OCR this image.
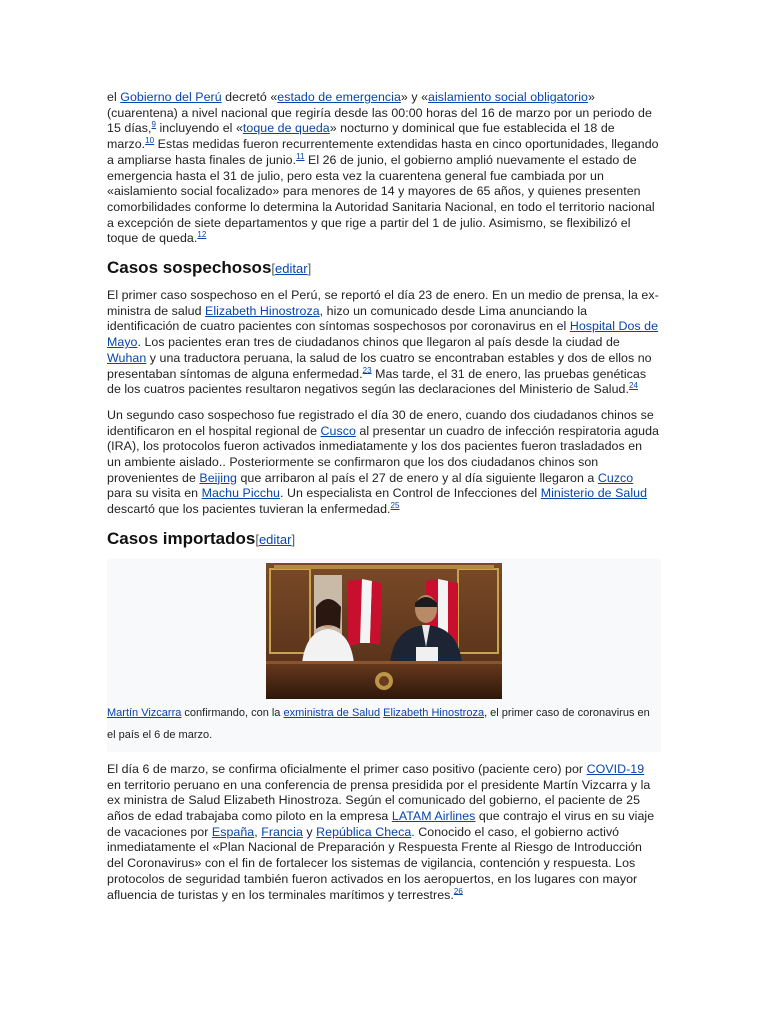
el Gobierno del Perú decretó «estado de emergencia» y «aislamiento social obligatorio» (cuarentena) a nivel nacional que regiría desde las 00:00 horas del 16 de marzo por un periodo de 15 días,$^9$ incluyendo el «toque de queda» nocturno y dominical que fue establecida el 18 de marzo.$^{10}$ Estas medidas fueron recurrentemente extendidas hasta en cinco oportunidades, llegando a ampliarse hasta finales de junio.$^{11}$ El 26 de junio, el gobierno amplió nuevamente el estado de emergencia hasta el 31 de julio, pero esta vez la cuarentena general fue cambiada por un «aislamiento social focalizado» para menores de 14 y mayores de 65 años, y quienes presenten comorbilidades conforme lo determina la Autoridad Sanitaria Nacional, en todo el territorio nacional a excepción de siete departamentos y que rige a partir del 1 de julio. Asimismo, se flexibilizó el toque de queda.$^{12}$

Casos sospechosos[editar]

El primer caso sospechoso en el Perú, se reportó el día 23 de enero. En un medio de prensa, la ex-ministra de salud Elizabeth Hinostroza, hizo un comunicado desde Lima anunciando la identificación de cuatro pacientes con síntomas sospechosos por coronavirus en el Hospital Dos de Mayo. Los pacientes eran tres de ciudadanos chinos que llegaron al país desde la ciudad de Wuhan y una traductora peruana, la salud de los cuatro se encontraban estables y dos de ellos no presentaban síntomas de alguna enfermedad.$^{23}$ Mas tarde, el 31 de enero, las pruebas genéticas de los cuatros pacientes resultaron negativos según las declaraciones del Ministerio de Salud.$^{24}$

Un segundo caso sospechoso fue registrado el día 30 de enero, cuando dos ciudadanos chinos se identificaron en el hospital regional de Cusco al presentar un cuadro de infección respiratoria aguda (IRA), los protocolos fueron activados inmediatamente y los dos pacientes fueron trasladados en un ambiente aislado.. Posteriormente se confirmaron que los dos ciudadanos chinos son provenientes de Beijing que arribaron al país el 27 de enero y al día siguiente llegaron a Cuzco para su visita en Machu Picchu. Un especialista en Control de Infecciones del Ministerio de Salud descartó que los pacientes tuvieran la enfermedad.$^{25}$

Casos importados[editar]
Martín Vizcarra confirmando, con la exministra de Salud Elizabeth Hinostroza, el primer caso de coronavirus en el país el 6 de marzo.

El día 6 de marzo, se confirma oficialmente el primer caso positivo (paciente cero) por COVID-19 en territorio peruano en una conferencia de prensa presidida por el presidente Martín Vizcarra y la ex ministra de Salud Elizabeth Hinostroza. Según el comunicado del gobierno, el paciente de 25 años de edad trabajaba como piloto en la empresa LATAM Airlines que contrajo el virus en su viaje de vacaciones por España, Francia y República Checa. Conocido el caso, el gobierno activó inmediatamente el «Plan Nacional de Preparación y Respuesta Frente al Riesgo de Introducción del Coronavirus» con el fin de fortalecer los sistemas de vigilancia, contención y respuesta. Los protocolos de seguridad también fueron activados en los aeropuertos, en los lugares con mayor afluencia de turistas y en los terminales marítimos y terrestres.$^{26}$
